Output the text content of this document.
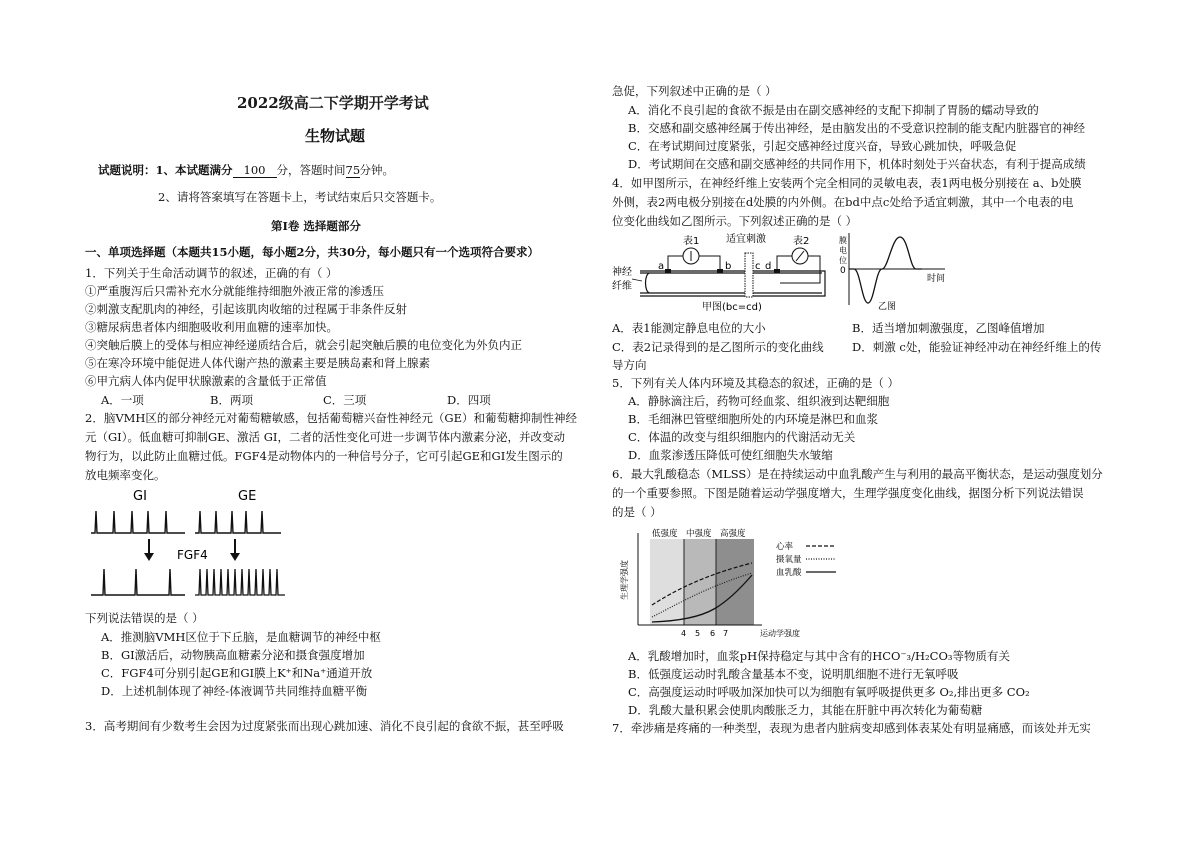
2022级高二下学期开学考试
生物试题
试题说明：1、本试题满分 100 分，答题时间75分钟。
2、请将答案填写在答题卡上，考试结束后只交答题卡。
第Ⅰ卷 选择题部分
一、单项选择题（本题共15小题，每小题2分，共30分，每小题只有一个选项符合要求）
1．下列关于生命活动调节的叙述，正确的有（ ）
①严重腹泻后只需补充水分就能维持细胞外液正常的渗透压
②刺激支配肌肉的神经，引起该肌肉收缩的过程属于非条件反射
③糖尿病患者体内细胞吸收利用血糖的速率加快。
④突触后膜上的受体与相应神经递质结合后，就会引起突触后膜的电位变化为外负内正
⑤在寒冷环境中能促进人体代谢产热的激素主要是胰岛素和肾上腺素
⑥甲亢病人体内促甲状腺激素的含量低于正常值
A．一项	B．两项	C．三项	D．四项
2．脑VMH区的部分神经元对葡萄糖敏感，包括葡萄糖兴奋性神经元（GE）和葡萄糖抑制性神经
元（GI）。低血糖可抑制GE、激活 GI，二者的活性变化可进一步调节体内激素分泌，并改变动
物行为，以此防止血糖过低。FGF4是动物体内的一种信号分子，它可引起GE和GI发生图示的
放电频率变化。
GI	GE
FGF4
下列说法错误的是（ ）
A．推测脑VMH区位于下丘脑，是血糖调节的神经中枢
B．GI激活后，动物胰高血糖素分泌和摄食强度增加
C．FGF4可分别引起GE和GI膜上K⁺和Na⁺通道开放
D．上述机制体现了神经-体液调节共同维持血糖平衡
3．高考期间有少数考生会因为过度紧张而出现心跳加速、消化不良引起的食欲不振，甚至呼吸
急促，下列叙述中正确的是（ ）
A．消化不良引起的食欲不振是由在副交感神经的支配下抑制了胃肠的蠕动导致的
B．交感和副交感神经属于传出神经，是由脑发出的不受意识控制的能支配内脏器官的神经
C．在考试期间过度紧张，引起交感神经过度兴奋，导致心跳加快，呼吸急促
D．考试期间在交感和副交感神经的共同作用下，机体时刻处于兴奋状态，有利于提高成绩
4．如甲图所示，在神经纤维上安装两个完全相同的灵敏电表，表1两电极分别接在 a、b处膜
外侧，表2两电极分别接在d处膜的内外侧。在bd中点c处给予适宜刺激，其中一个电表的电
位变化曲线如乙图所示。下列叙述正确的是（ ）
神经
纤维
表1
a	b
适宜刺激
c
表2
d
甲图(bc=cd)
膜
电
位
0
时间
乙图
A．表1能测定静息电位的大小	B．适当增加刺激强度，乙图峰值增加
C．表2记录得到的是乙图所示的变化曲线 D．刺激 c处，能验证神经冲动在神经纤维上的传
导方向
5．下列有关人体内环境及其稳态的叙述，正确的是（ ）
A．静脉滴注后，药物可经血浆、组织液到达靶细胞
B．毛细淋巴管壁细胞所处的内环境是淋巴和血浆
C．体温的改变与组织细胞内的代谢活动无关
D．血浆渗透压降低可使红细胞失水皱缩
6．最大乳酸稳态（MLSS）是在持续运动中血乳酸产生与利用的最高平衡状态，是运动强度划分
的一个重要参照。下图是随着运动学强度增大，生理学强度变化曲线，据图分析下列说法错误
的是（ ）
低强度 中强度 高强度
生理学强度
运动学强度
4 5 6 7
心率
摄氧量
血乳酸
A．乳酸增加时，血浆pH保持稳定与其中含有的HCO⁻₃/H₂CO₃等物质有关
B．低强度运动时乳酸含量基本不变，说明肌细胞不进行无氧呼吸
C．高强度运动时呼吸加深加快可以为细胞有氧呼吸提供更多 O₂,排出更多 CO₂
D．乳酸大量积累会使肌肉酸胀乏力，其能在肝脏中再次转化为葡萄糖
7．牵涉痛是疼痛的一种类型，表现为患者内脏病变却感到体表某处有明显痛感，而该处并无实
